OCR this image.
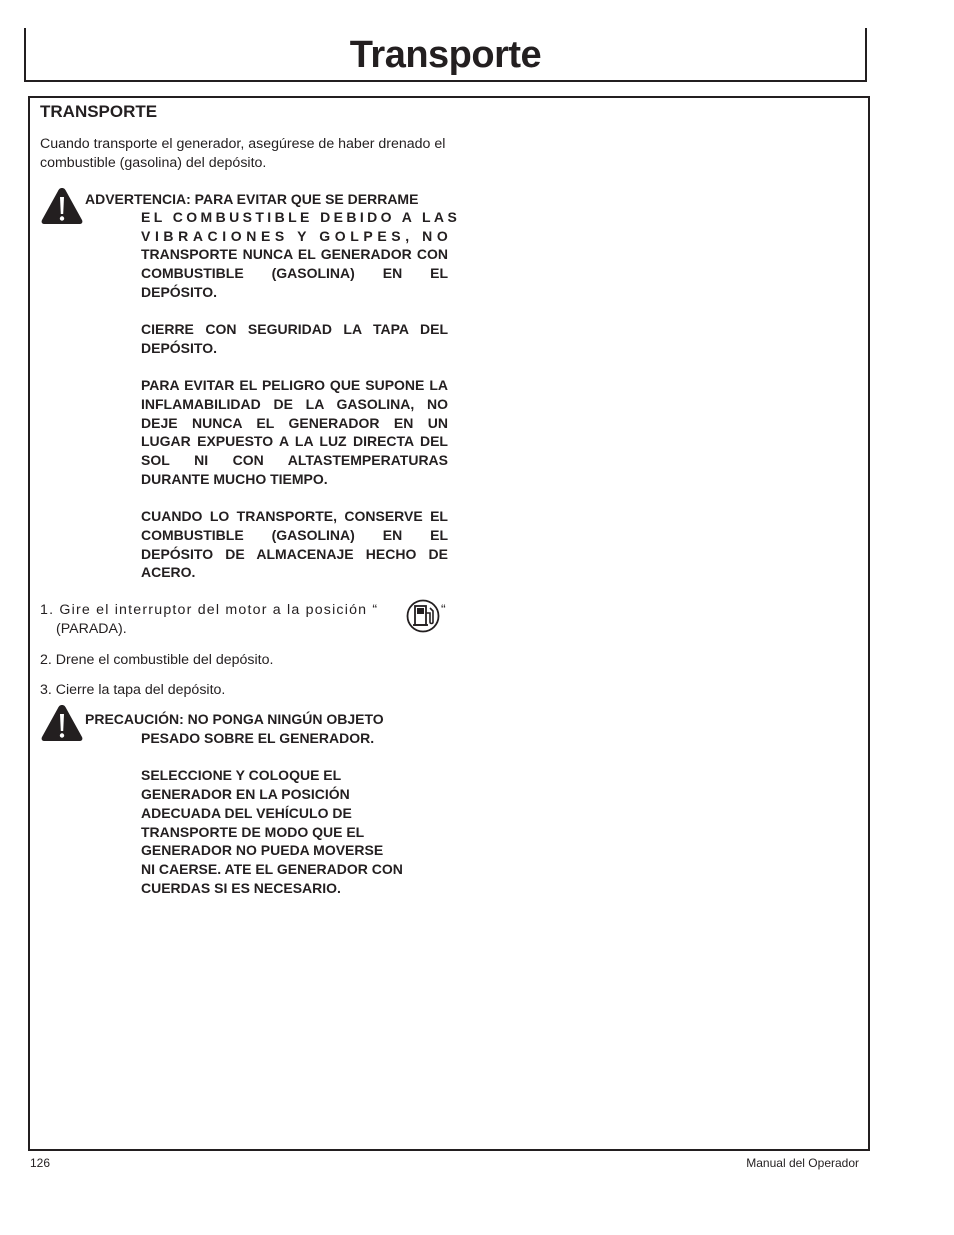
Transporte
TRANSPORTE

Cuando transporte el generador, asegúrese de haber drenado el combustible (gasolina) del depósito.

ADVERTENCIA: PARA EVITAR QUE SE DERRAME

EL COMBUSTIBLE DEBIDO A LAS
VIBRACIONES Y GOLPES, NO
TRANSPORTE NUNCA EL GENERADOR CON COMBUSTIBLE (GASOLINA) EN EL DEPÓSITO.

CIERRE CON SEGURIDAD LA TAPA DEL DEPÓSITO.

PARA EVITAR EL PELIGRO QUE SUPONE LA INFLAMABILIDAD DE LA GASOLINA, NO DEJE NUNCA EL GENERADOR EN UN LUGAR EXPUESTO A LA LUZ DIRECTA DEL SOL NI CON ALTASTEMPERATURAS DURANTE MUCHO TIEMPO.

CUANDO LO TRANSPORTE, CONSERVE EL COMBUSTIBLE (GASOLINA) EN EL DEPÓSITO DE ALMACENAJE HECHO DE ACERO.

1. Gire el interruptor del motor a la posición “
(PARADA).

“

2. Drene el combustible del depósito.

3. Cierre la tapa del depósito.

PRECAUCIÓN: NO PONGA NINGÚN OBJETO
PESADO SOBRE EL GENERADOR.
SELECCIONE Y COLOQUE EL
GENERADOR EN LA POSICIÓN
ADECUADA DEL VEHÍCULO DE
TRANSPORTE DE MODO QUE EL
GENERADOR NO PUEDA MOVERSE
NI CAERSE. ATE EL GENERADOR CON
CUERDAS SI ES NECESARIO.
126	Manual del Operador
